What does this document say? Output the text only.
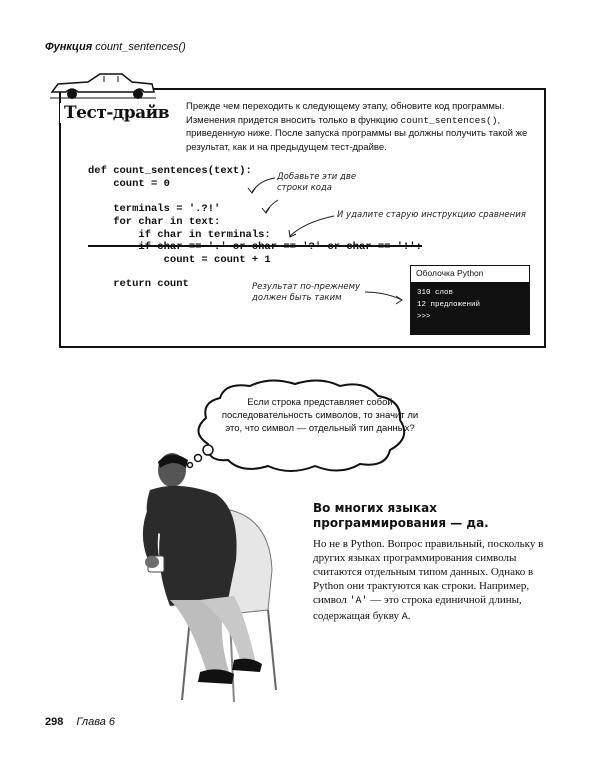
Функция count_sentences()
Тест-драйв	Прежде чем переходить к следующему этапу, обновите код программы. Изменения придется вносить только в функцию count_sentences(), приведенную ниже. После запуска программы вы должны получить такой же результат, как и на предыдущем тест-драйве.
def count_sentences(text):
count = 0
terminals = '.?!'
for char in text:
if char in terminals:
if char == '.' or char == '?' or char == '!':
count = count + 1
return count
Добавьте эти две строки кода
И удалите старую инструкцию сравнения
Результат по-прежнему должен быть таким
Оболочка Python
310 слов
12 предложений
>>>
Если строка представляет собой последовательность символов, то значит ли это, что символ — отдельный тип данных?
Во многих языках программирования — да.
Но не в Python. Вопрос правильный, поскольку в других языках программирования символы считаются отдельным типом данных. Однако в Python они трактуются как строки. Например, символ 'A' — это строка единичной длины, содержащая букву A.
298 Глава 6
